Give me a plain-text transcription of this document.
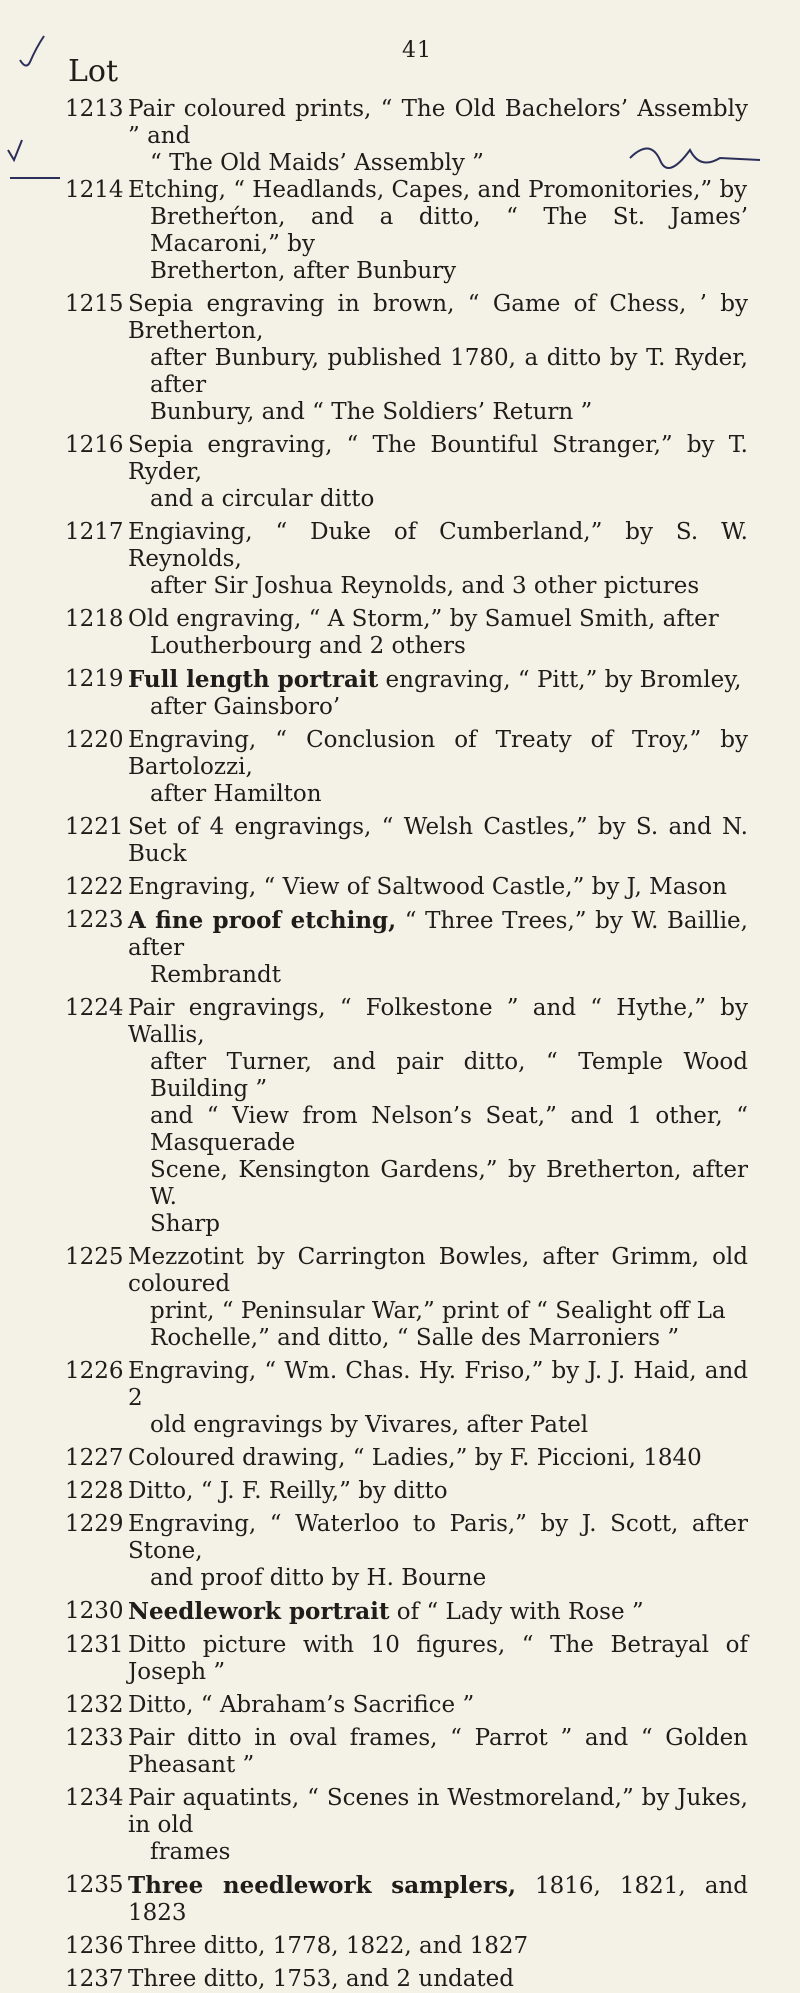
41
Lot
1213 Pair coloured prints, “ The Old Bachelors’ Assembly ” and
“ The Old Maids’ Assembly ”
1214 Etching, “ Headlands, Capes, and Promonitories,” by
Bretheŕton, and a ditto, “ The St. James’ Macaroni,” by
Bretherton, after Bunbury
1215 Sepia engraving in brown, “ Game of Chess, ’ by Bretherton,
after Bunbury, published 1780, a ditto by T. Ryder, after
Bunbury, and “ The Soldiers’ Return ”
1216 Sepia engraving, “ The Bountiful Stranger,” by T. Ryder,
and a circular ditto
1217 Engiaving, “ Duke of Cumberland,” by S. W. Reynolds,
after Sir Joshua Reynolds, and 3 other pictures
1218 Old engraving, “ A Storm,” by Samuel Smith, after
Loutherbourg and 2 others
1219 Full length portrait engraving, “ Pitt,” by Bromley,
after Gainsboro’
1220 Engraving, “ Conclusion of Treaty of Troy,” by Bartolozzi,
after Hamilton
1221 Set of 4 engravings, “ Welsh Castles,” by S. and N. Buck
1222 Engraving, “ View of Saltwood Castle,” by J, Mason
1223 A fine proof etching, “ Three Trees,” by W. Baillie, after
Rembrandt
1224 Pair engravings, “ Folkestone ” and “ Hythe,” by Wallis,
after Turner, and pair ditto, “ Temple Wood Building ”
and “ View from Nelson’s Seat,” and 1 other, “ Masquerade
Scene, Kensington Gardens,” by Bretherton, after W.
Sharp
1225 Mezzotint by Carrington Bowles, after Grimm, old coloured
print, “ Peninsular War,” print of “ Sealight off La
Rochelle,” and ditto, “ Salle des Marroniers ”
1226 Engraving, “ Wm. Chas. Hy. Friso,” by J. J. Haid, and 2
old engravings by Vivares, after Patel
1227 Coloured drawing, “ Ladies,” by F. Piccioni, 1840
1228 Ditto, “ J. F. Reilly,” by ditto
1229 Engraving, “ Waterloo to Paris,” by J. Scott, after Stone,
and proof ditto by H. Bourne
1230 Needlework portrait of “ Lady with Rose ”
1231 Ditto picture with 10 figures, “ The Betrayal of Joseph ”
1232 Ditto, “ Abraham’s Sacrifice ”
1233 Pair ditto in oval frames, “ Parrot ” and “ Golden Pheasant ”
1234 Pair aquatints, “ Scenes in Westmoreland,” by Jukes, in old
frames
1235 Three needlework samplers, 1816, 1821, and 1823
1236 Three ditto, 1778, 1822, and 1827
1237 Three ditto, 1753, and 2 undated
